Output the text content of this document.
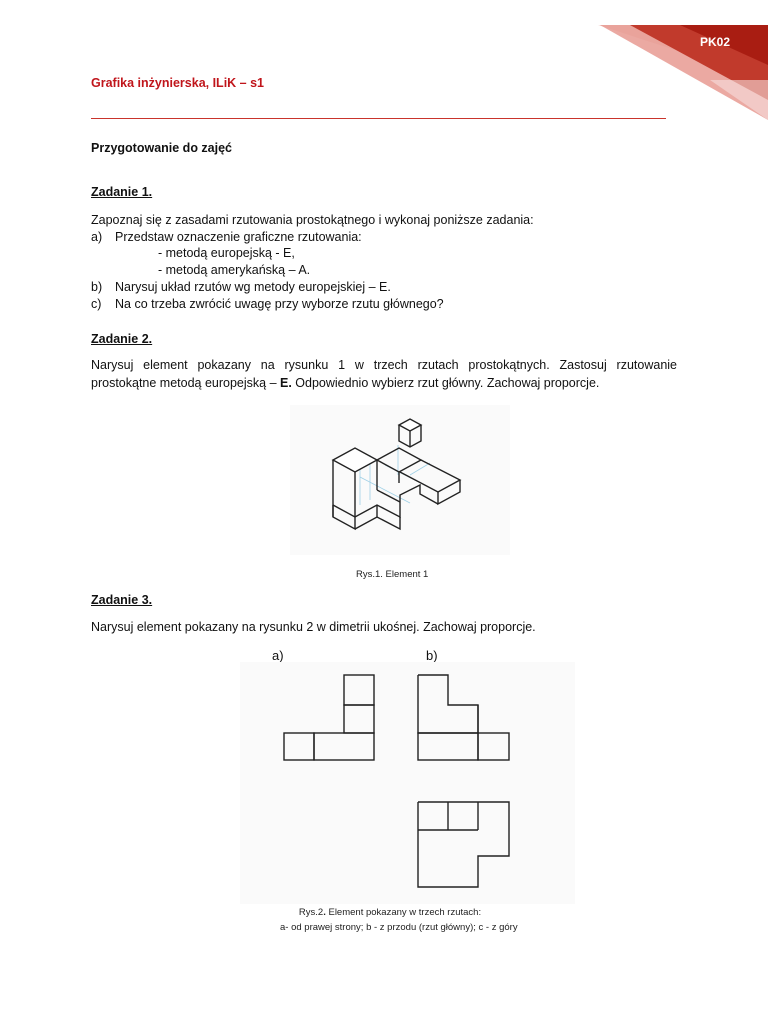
PK02
Grafika inżynierska, ILiK – s1
Przygotowanie do zajęć
Zadanie 1.
Zapoznaj się z zasadami rzutowania prostokątnego i wykonaj poniższe zadania:
a) Przedstaw oznaczenie graficzne rzutowania:
- metodą europejską - E,
- metodą amerykańską – A.
b) Narysuj układ rzutów wg metody europejskiej – E.
c) Na co trzeba zwrócić uwagę przy wyborze rzutu głównego?
Zadanie 2.
Narysuj element pokazany na rysunku 1 w trzech rzutach prostokątnych. Zastosuj rzutowanie
prostokątne metodą europejską – E. Odpowiednio wybierz rzut główny. Zachowaj proporcje.
Rys.1. Element 1
Zadanie 3.
Narysuj element pokazany na rysunku 2 w dimetrii ukośnej. Zachowaj proporcje.
a)	b)
c)
Rys.2. Element pokazany w trzech rzutach:
a- od prawej strony; b - z przodu (rzut główny); c - z góry
